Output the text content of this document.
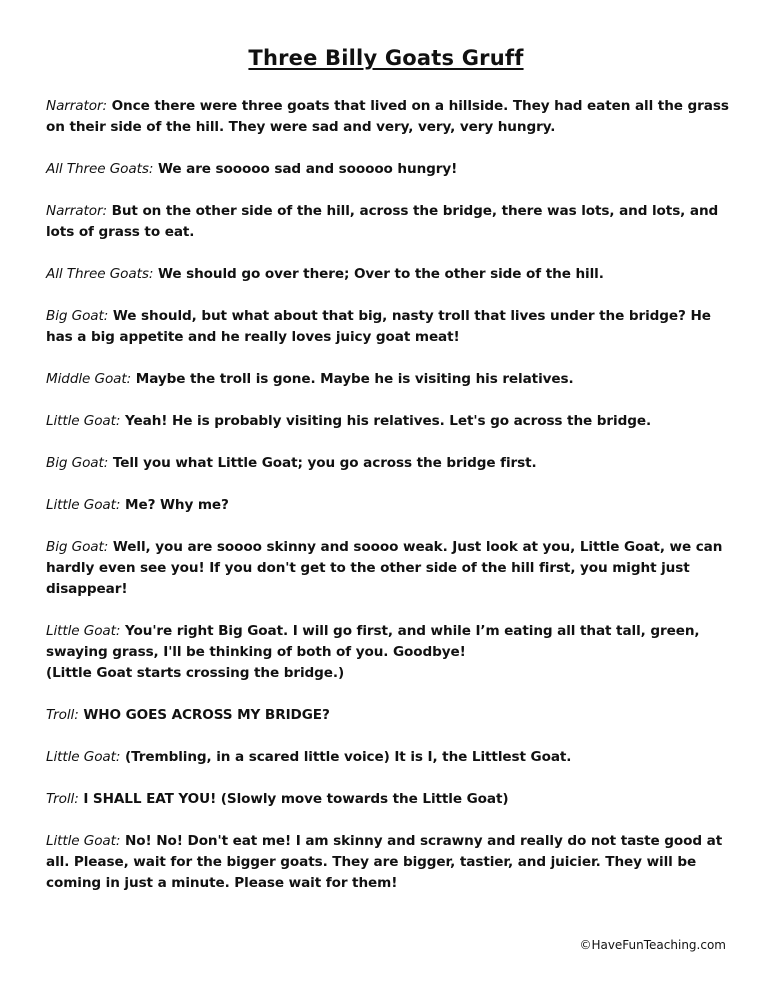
Three Billy Goats Gruff

Narrator: Once there were three goats that lived on a hillside. They had eaten all the grass on their side of the hill. They were sad and very, very, very hungry.

All Three Goats: We are sooooo sad and sooooo hungry!

Narrator: But on the other side of the hill, across the bridge, there was lots, and lots, and lots of grass to eat.

All Three Goats: We should go over there; Over to the other side of the hill.

Big Goat: We should, but what about that big, nasty troll that lives under the bridge? He has a big appetite and he really loves juicy goat meat!

Middle Goat: Maybe the troll is gone. Maybe he is visiting his relatives.

Little Goat: Yeah! He is probably visiting his relatives. Let's go across the bridge.

Big Goat: Tell you what Little Goat; you go across the bridge first.

Little Goat: Me? Why me?

Big Goat: Well, you are soooo skinny and soooo weak. Just look at you, Little Goat, we can hardly even see you! If you don't get to the other side of the hill first, you might just disappear!

Little Goat: You're right Big Goat. I will go first, and while I’m eating all that tall, green, swaying grass, I'll be thinking of both of you. Goodbye!
(Little Goat starts crossing the bridge.)

Troll: WHO GOES ACROSS MY BRIDGE?

Little Goat: (Trembling, in a scared little voice) It is I, the Littlest Goat.

Troll: I SHALL EAT YOU! (Slowly move towards the Little Goat)

Little Goat: No! No! Don't eat me! I am skinny and scrawny and really do not taste good at all. Please, wait for the bigger goats. They are bigger, tastier, and juicier. They will be coming in just a minute. Please wait for them!

©HaveFunTeaching.com
